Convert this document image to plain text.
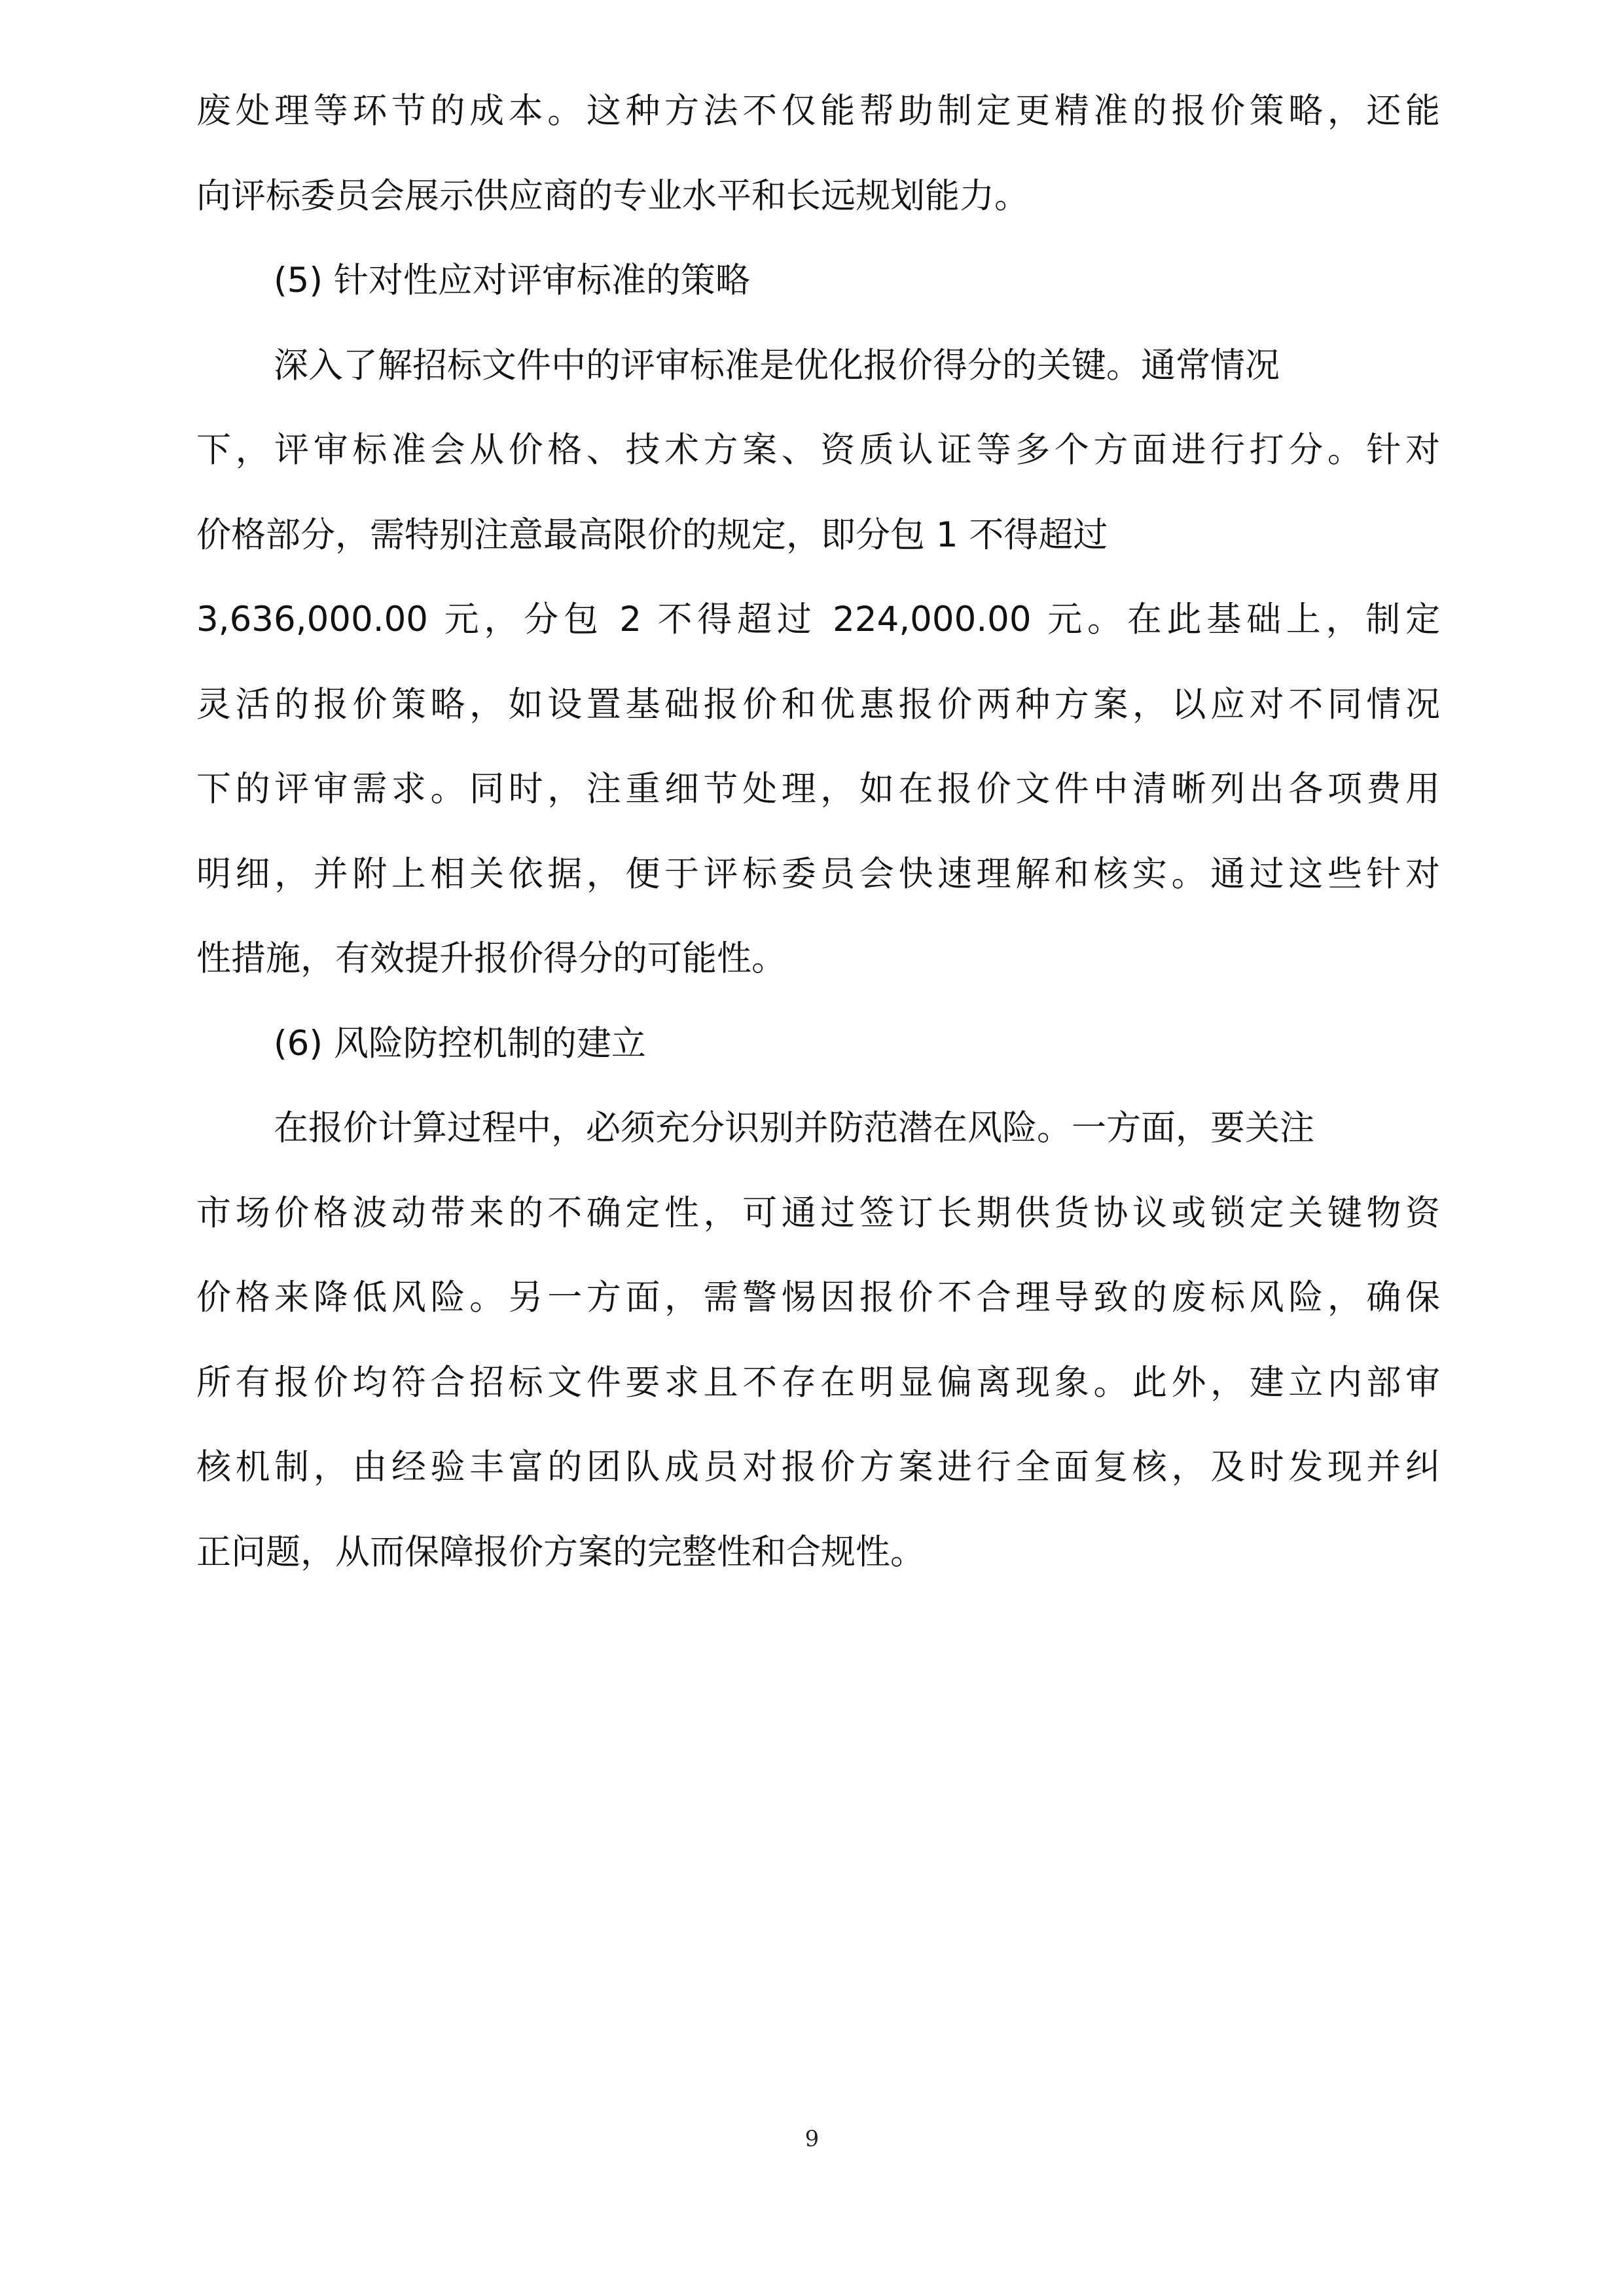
废处理等环节的成本。这种方法不仅能帮助制定更精准的报价策略，还能
向评标委员会展示供应商的专业水平和长远规划能力。
(5) 针对性应对评审标准的策略
深入了解招标文件中的评审标准是优化报价得分的关键。通常情况
下，评审标准会从价格、技术方案、资质认证等多个方面进行打分。针对
价格部分，需特别注意最高限价的规定，即分包 1 不得超过
3,636,000.00 元，分包 2 不得超过 224,000.00 元。在此基础上，制定
灵活的报价策略，如设置基础报价和优惠报价两种方案，以应对不同情况
下的评审需求。同时，注重细节处理，如在报价文件中清晰列出各项费用
明细，并附上相关依据，便于评标委员会快速理解和核实。通过这些针对
性措施，有效提升报价得分的可能性。
(6) 风险防控机制的建立
在报价计算过程中，必须充分识别并防范潜在风险。一方面，要关注
市场价格波动带来的不确定性，可通过签订长期供货协议或锁定关键物资
价格来降低风险。另一方面，需警惕因报价不合理导致的废标风险，确保
所有报价均符合招标文件要求且不存在明显偏离现象。此外，建立内部审
核机制，由经验丰富的团队成员对报价方案进行全面复核，及时发现并纠
正问题，从而保障报价方案的完整性和合规性。
9
